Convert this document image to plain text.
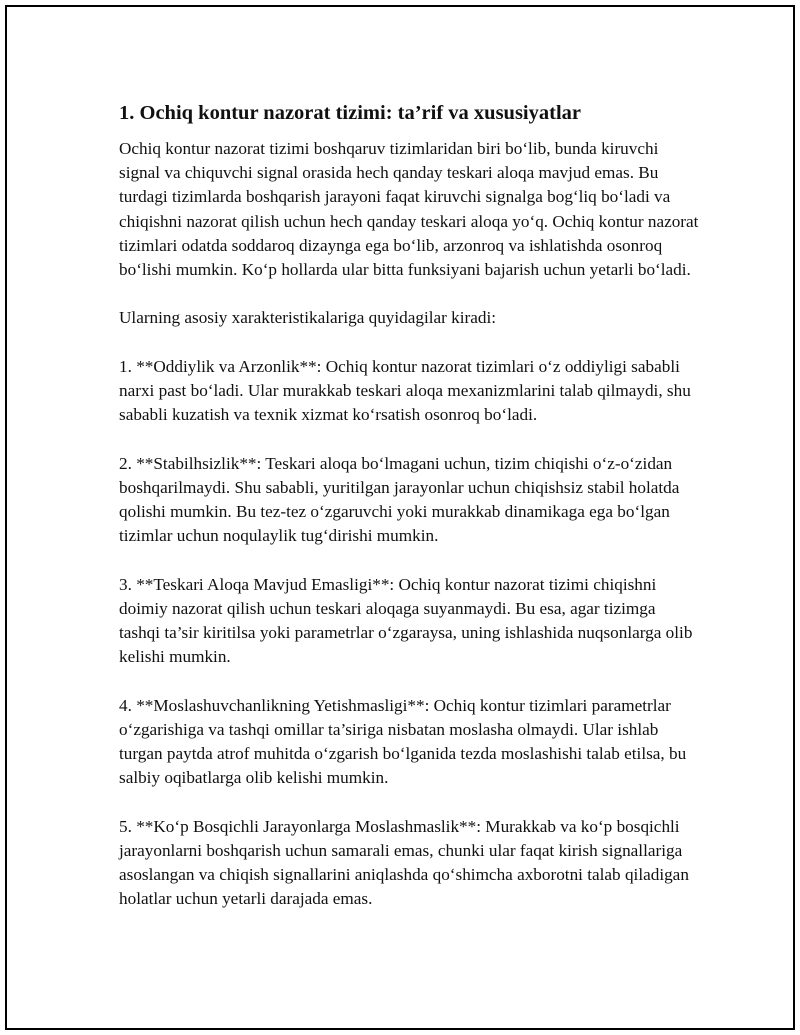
1. Ochiq kontur nazorat tizimi: ta’rif va xususiyatlar

Ochiq kontur nazorat tizimi boshqaruv tizimlaridan biri bo‘lib, bunda kiruvchi signal va chiquvchi signal orasida hech qanday teskari aloqa mavjud emas. Bu turdagi tizimlarda boshqarish jarayoni faqat kiruvchi signalga bog‘liq bo‘ladi va chiqishni nazorat qilish uchun hech qanday teskari aloqa yo‘q. Ochiq kontur nazorat tizimlari odatda soddaroq dizaynga ega bo‘lib, arzonroq va ishlatishda osonroq bo‘lishi mumkin. Ko‘p hollarda ular bitta funksiyani bajarish uchun yetarli bo‘ladi.

Ularning asosiy xarakteristikalariga quyidagilar kiradi:

1. **Oddiylik va Arzonlik**: Ochiq kontur nazorat tizimlari o‘z oddiyligi sababli narxi past bo‘ladi. Ular murakkab teskari aloqa mexanizmlarini talab qilmaydi, shu sababli kuzatish va texnik xizmat ko‘rsatish osonroq bo‘ladi.

2. **Stabilhsizlik**: Teskari aloqa bo‘lmagani uchun, tizim chiqishi o‘z-o‘zidan boshqarilmaydi. Shu sababli, yuritilgan jarayonlar uchun chiqishsiz stabil holatda qolishi mumkin. Bu tez-tez o‘zgaruvchi yoki murakkab dinamikaga ega bo‘lgan tizimlar uchun noqulaylik tug‘dirishi mumkin.

3. **Teskari Aloqa Mavjud Emasligi**: Ochiq kontur nazorat tizimi chiqishni doimiy nazorat qilish uchun teskari aloqaga suyanmaydi. Bu esa, agar tizimga tashqi ta’sir kiritilsa yoki parametrlar o‘zgaraysa, uning ishlashida nuqsonlarga olib kelishi mumkin.

4. **Moslashuvchanlikning Yetishmasligi**: Ochiq kontur tizimlari parametrlar o‘zgarishiga va tashqi omillar ta’siriga nisbatan moslasha olmaydi. Ular ishlab turgan paytda atrof muhitda o‘zgarish bo‘lganida tezda moslashishi talab etilsa, bu salbiy oqibatlarga olib kelishi mumkin.

5. **Ko‘p Bosqichli Jarayonlarga Moslashmaslik**: Murakkab va ko‘p bosqichli jarayonlarni boshqarish uchun samarali emas, chunki ular faqat kirish signallariga asoslangan va chiqish signallarini aniqlashda qo‘shimcha axborotni talab qiladigan holatlar uchun yetarli darajada emas.
